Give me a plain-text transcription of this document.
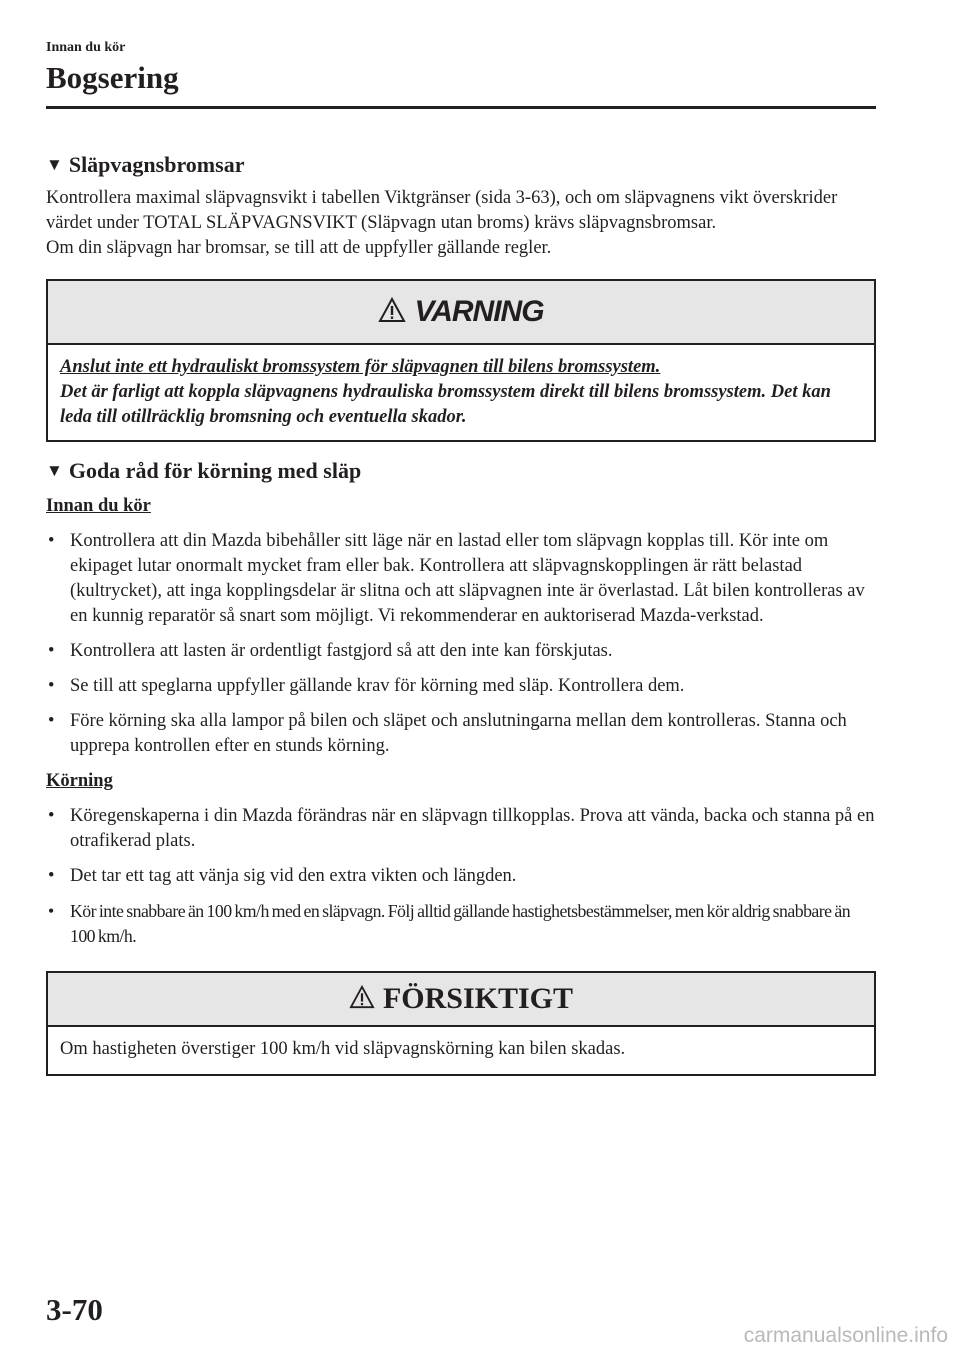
Innan du kör
Bogsering
▼ Släpvagnsbromsar

Kontrollera maximal släpvagnsvikt i tabellen Viktgränser (sida 3-63), och om släpvagnens vikt överskrider värdet under TOTAL SLÄPVAGNSVIKT (Släpvagn utan broms) krävs släpvagnsbromsar.

Om din släpvagn har bromsar, se till att de uppfyller gällande regler.

VARNING

Anslut inte ett hydrauliskt bromssystem för släpvagnen till bilens bromssystem.

Det är farligt att koppla släpvagnens hydrauliska bromssystem direkt till bilens bromssystem. Det kan leda till otillräcklig bromsning och eventuella skador.

▼ Goda råd för körning med släp
Innan du kör
• Kontrollera att din Mazda bibehåller sitt läge när en lastad eller tom släpvagn kopplas till. Kör inte om ekipaget lutar onormalt mycket fram eller bak. Kontrollera att släpvagnskopplingen är rätt belastad (kultrycket), att inga kopplingsdelar är slitna och att släpvagnen inte är överlastad. Låt bilen kontrolleras av en kunnig reparatör så snart som möjligt. Vi rekommenderar en auktoriserad Mazda-verkstad.
• Kontrollera att lasten är ordentligt fastgjord så att den inte kan förskjutas.
• Se till att speglarna uppfyller gällande krav för körning med släp. Kontrollera dem.
• Före körning ska alla lampor på bilen och släpet och anslutningarna mellan dem kontrolleras. Stanna och upprepa kontrollen efter en stunds körning.
Körning
• Köregenskaperna i din Mazda förändras när en släpvagn tillkopplas. Prova att vända, backa och stanna på en otrafikerad plats.
• Det tar ett tag att vänja sig vid den extra vikten och längden.
• Kör inte snabbare än 100 km/h med en släpvagn. Följ alltid gällande hastighetsbestämmelser, men kör aldrig snabbare än 100 km/h.
FÖRSIKTIGT

Om hastigheten överstiger 100 km/h vid släpvagnskörning kan bilen skadas.

3-70
carmanualsonline.info
